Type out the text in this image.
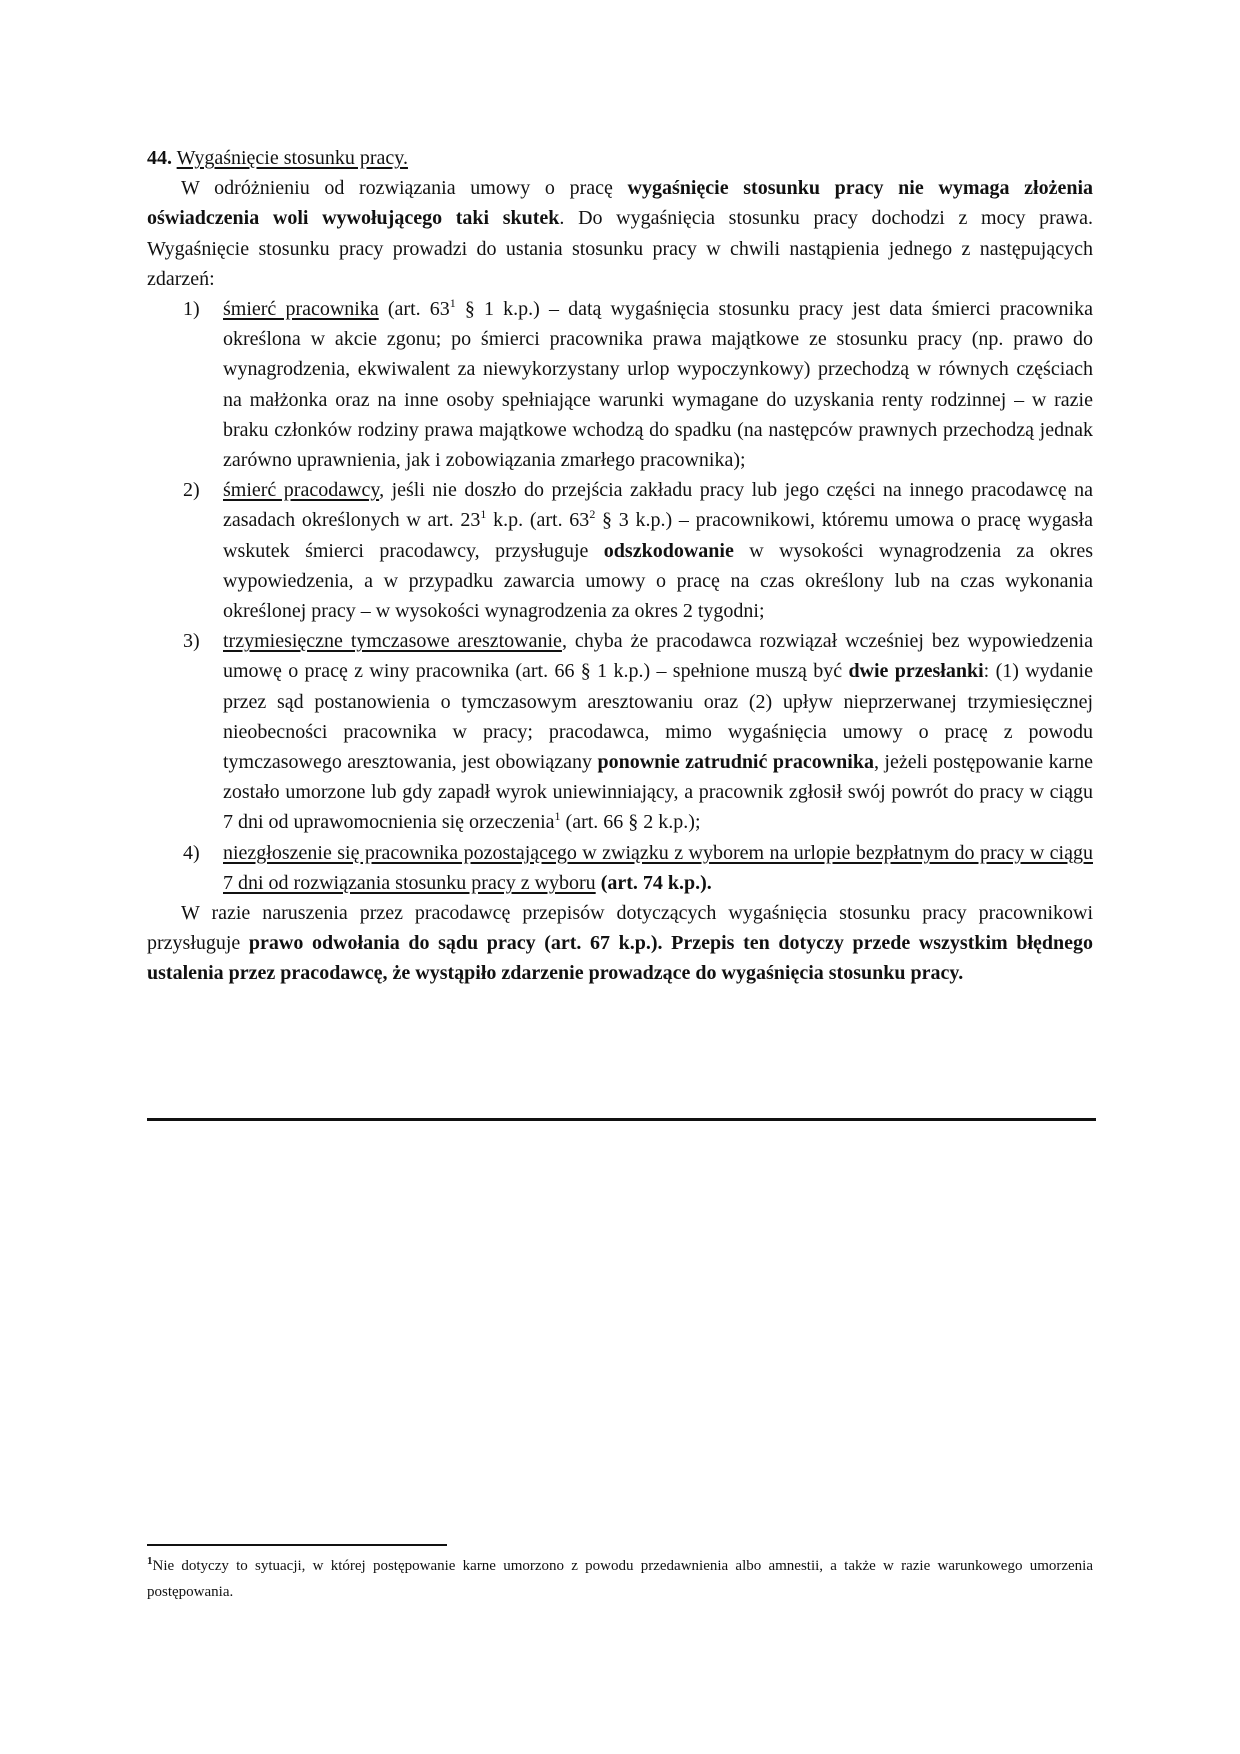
44. Wygaśnięcie stosunku pracy.

W odróżnieniu od rozwiązania umowy o pracę wygaśnięcie stosunku pracy nie wymaga złożenia oświadczenia woli wywołującego taki skutek. Do wygaśnięcia stosunku pracy dochodzi z mocy prawa. Wygaśnięcie stosunku pracy prowadzi do ustania stosunku pracy w chwili nastąpienia jednego z następujących zdarzeń:

1) śmierć pracownika (art. $63^1$ § 1 k.p.) – datą wygaśnięcia stosunku pracy jest data śmierci pracownika określona w akcie zgonu; po śmierci pracownika prawa majątkowe ze stosunku pracy (np. prawo do wynagrodzenia, ekwiwalent za niewykorzystany urlop wypoczynkowy) przechodzą w równych częściach na małżonka oraz na inne osoby spełniające warunki wymagane do uzyskania renty rodzinnej – w razie braku członków rodziny prawa majątkowe wchodzą do spadku (na następców prawnych przechodzą jednak zarówno uprawnienia, jak i zobowiązania zmarłego pracownika);
2) śmierć pracodawcy, jeśli nie doszło do przejścia zakładu pracy lub jego części na innego pracodawcę na zasadach określonych w art. $23^1$ k.p. (art. $63^2$ § 3 k.p.) – pracownikowi, któremu umowa o pracę wygasła wskutek śmierci pracodawcy, przysługuje odszkodowanie w wysokości wynagrodzenia za okres wypowiedzenia, a w przypadku zawarcia umowy o pracę na czas określony lub na czas wykonania określonej pracy – w wysokości wynagrodzenia za okres 2 tygodni;
3) trzymiesięczne tymczasowe aresztowanie, chyba że pracodawca rozwiązał wcześniej bez wypowiedzenia umowę o pracę z winy pracownika (art. 66 § 1 k.p.) – spełnione muszą być dwie przesłanki: (1) wydanie przez sąd postanowienia o tymczasowym aresztowaniu oraz (2) upływ nieprzerwanej trzymiesięcznej nieobecności pracownika w pracy; pracodawca, mimo wygaśnięcia umowy o pracę z powodu tymczasowego aresztowania, jest obowiązany ponownie zatrudnić pracownika, jeżeli postępowanie karne zostało umorzone lub gdy zapadł wyrok uniewinniający, a pracownik zgłosił swój powrót do pracy w ciągu 7 dni od uprawomocnienia się orzeczenia$^1$ (art. 66 § 2 k.p.);
4) niezgłoszenie się pracownika pozostającego w związku z wyborem na urlopie bezpłatnym do pracy w ciągu 7 dni od rozwiązania stosunku pracy z wyboru (art. 74 k.p.).

W razie naruszenia przez pracodawcę przepisów dotyczących wygaśnięcia stosunku pracy pracownikowi przysługuje prawo odwołania do sądu pracy (art. 67 k.p.). Przepis ten dotyczy przede wszystkim błędnego ustalenia przez pracodawcę, że wystąpiło zdarzenie prowadzące do wygaśnięcia stosunku pracy.

$^1$Nie dotyczy to sytuacji, w której postępowanie karne umorzono z powodu przedawnienia albo amnestii, a także w razie warunkowego umorzenia postępowania.
